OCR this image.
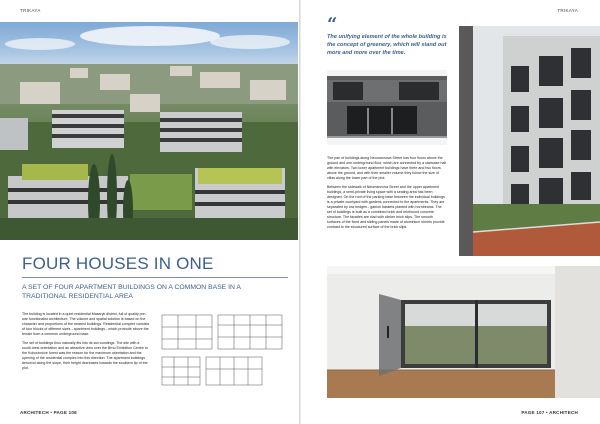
TRIKAYA
FOUR HOUSES IN ONE
A SET OF FOUR APARTMENT BUILDINGS ON A COMMON BASE IN A TRADITIONAL RESIDENTIAL AREA

The building is located in a quiet residential Masaryk district, full of quality pre-war functionalist architecture. The volume and spatial solution is based on the character and proportions of the nearest buildings. Residential complex consists of four blocks of different sizes - apartment buildings - which protrude above the terrain from a common underground base.

The set of buildings thus naturally fits into its surroundings. The site with a south-west orientation and an attractive view over the Brno Exhibition Centre to the Kohoutovice forest was the reason for the maximum orientation and the opening of the residential complex into this direction. The apartment buildings descend along the slope, their height decreases towards the southern tip of the plot.

ARCHITECH • PAGE 106
TRIKAYA
“
The unifying element of the whole building is the concept of greenery, which will stand out more and more over the time.

The pair of buildings along Neumannova Street has four floors above the ground and one underground floor, which are connected by a staircase hall with elevators. Two lower apartment buildings have three and two floors above the ground, and with their smaller volume they follow the size of villas along the lower part of the plot.

Between the sidewalk of Neumannova Street and the upper apartment buildings, a semi-private living space with a seating area has been designed. On the roof of the parking base between the individual buildings is a private courtyard with gardens connected to the apartments. They are separated by low hedges - gabion baskets planted with hornbeams. The set of buildings is built as a combined brick and reinforced concrete structure. The facades are clad with clinker brick slips. The smooth surfaces of the fixed and sliding panels made of aluminium sheets provide contrast to the structured surface of the brick slips.

PAGE 107 • ARCHITECH
